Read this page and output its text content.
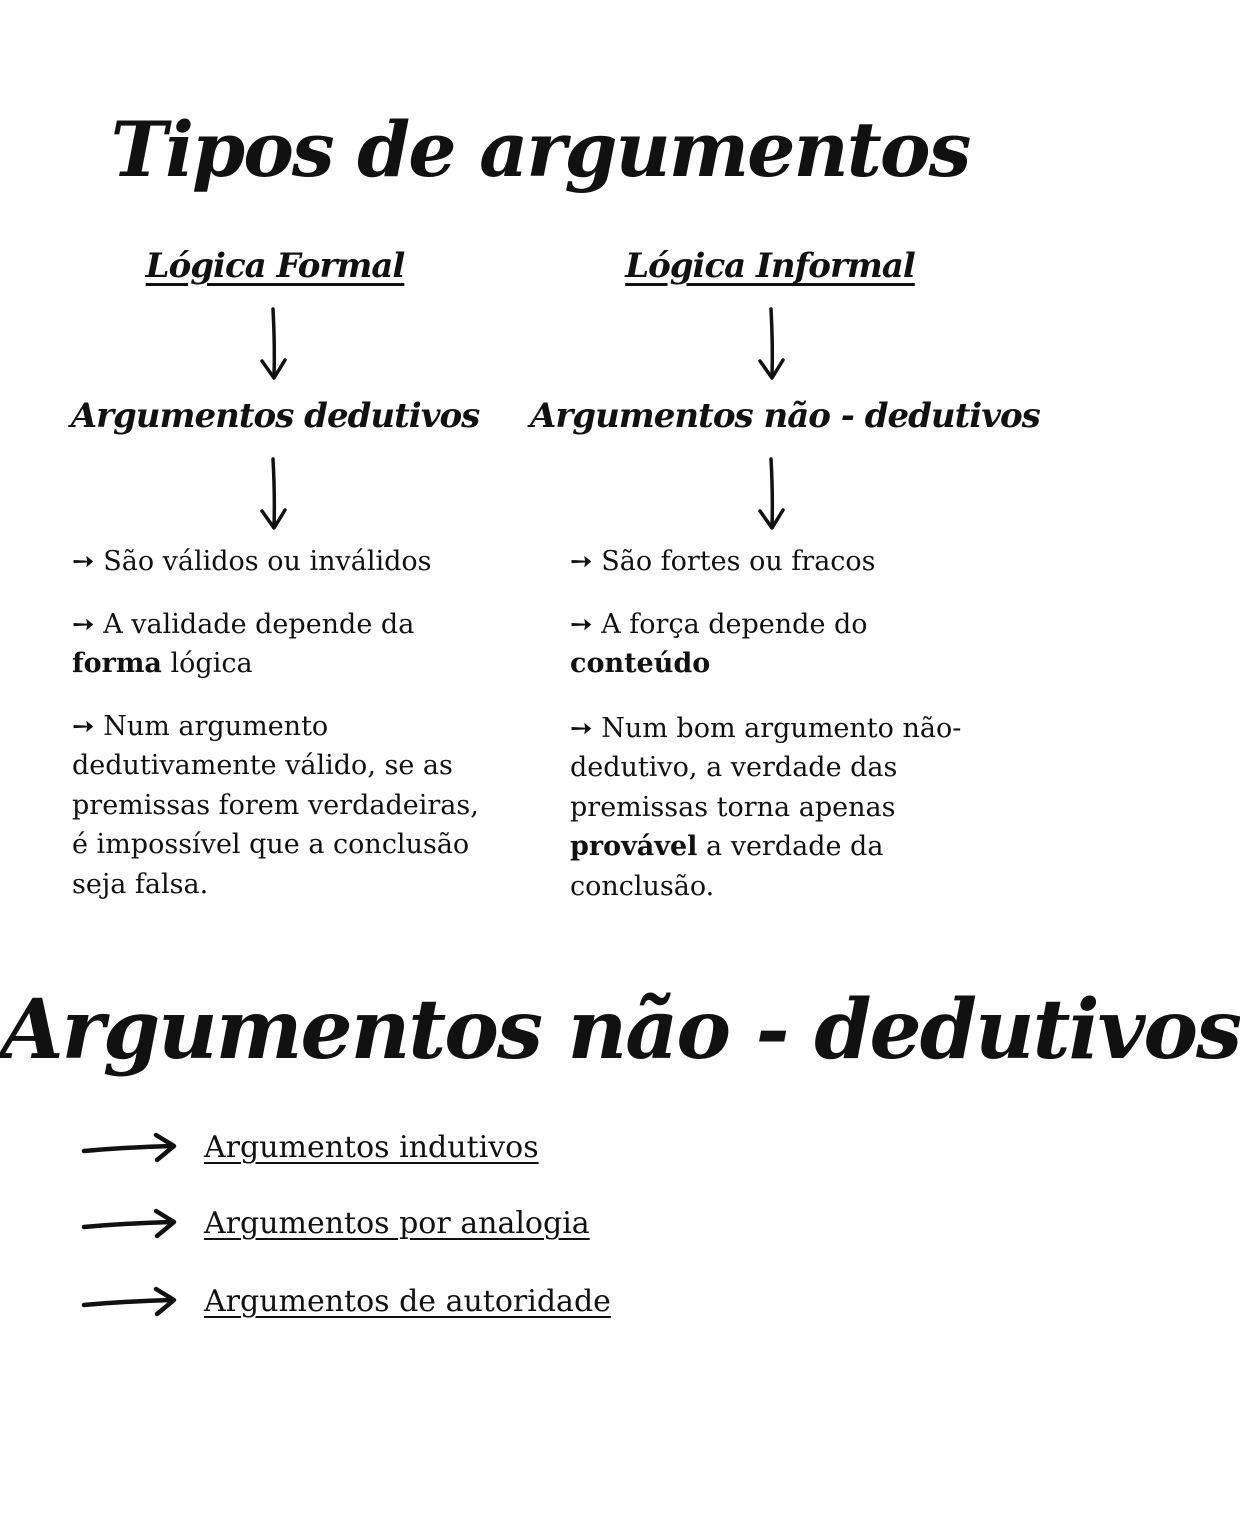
Tipos de argumentos
Lógica Formal
Argumentos dedutivos

➙ São válidos ou inválidos

➙ A validade depende da
forma lógica

➙ Num argumento dedutivamente válido, se as premissas forem verdadeiras, é impossível que a conclusão seja falsa.

Lógica Informal
Argumentos não - dedutivos

➙ São fortes ou fracos

➙ A força depende do conteúdo

➙ Num bom argumento não-dedutivo, a verdade das premissas torna apenas provável a verdade da conclusão.

Argumentos não - dedutivos
Argumentos indutivos
Argumentos por analogia
Argumentos de autoridade
